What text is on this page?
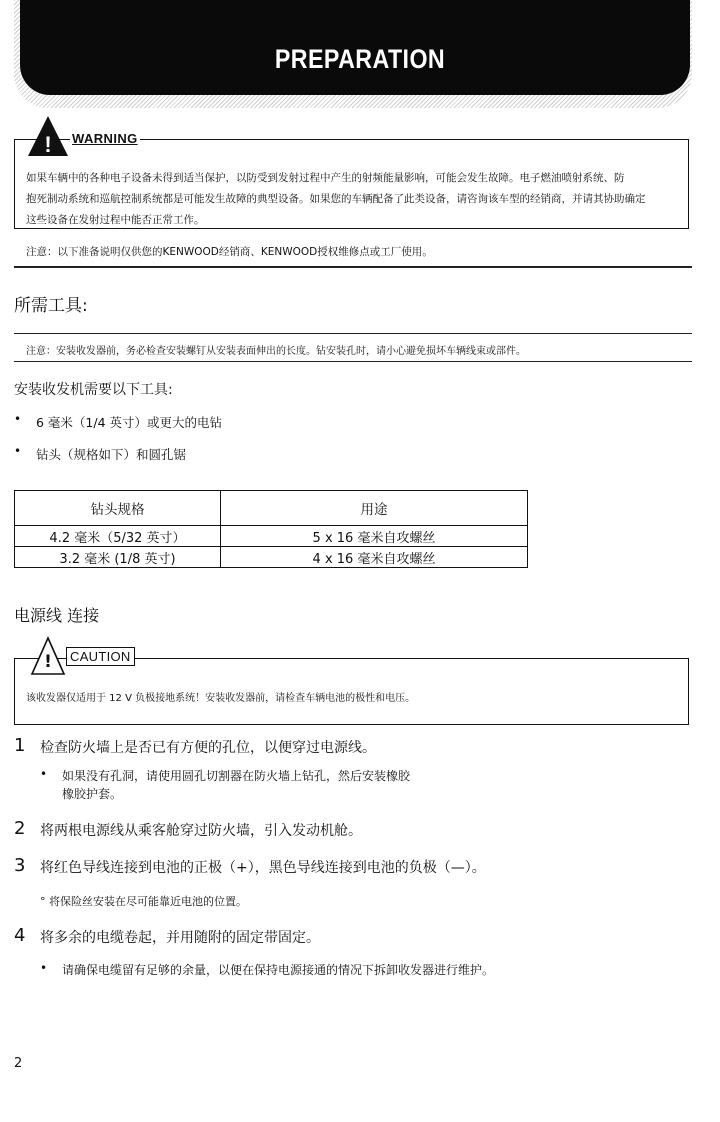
PREPARATION
!	WARNING
如果车辆中的各种电子设备未得到适当保护，以防受到发射过程中产生的射频能量影响，可能会发生故障。电子燃油喷射系统、防
抱死制动系统和巡航控制系统都是可能发生故障的典型设备。如果您的车辆配备了此类设备，请咨询该车型的经销商，并请其协助确定
这些设备在发射过程中能否正常工作。
注意：以下准备说明仅供您的KENWOOD经销商、KENWOOD授权维修点或工厂使用。
所需工具:
注意：安装收发器前，务必检查安装螺钉从安装表面伸出的长度。钻安装孔时，请小心避免损坏车辆线束或部件。
安装收发机需要以下工具:
• 6 毫米（1/4 英寸）或更大的电钻
• 钻头（规格如下）和圆孔锯
钻头规格	用途
4.2 毫米（5/32 英寸）	5 x 16 毫米自攻螺丝
3.2 毫米 (1/8 英寸)	4 x 16 毫米自攻螺丝
电源线 连接
!	CAUTION
该收发器仅适用于 12 V 负极接地系统！安装收发器前，请检查车辆电池的极性和电压。
1 检查防火墙上是否已有方便的孔位，以便穿过电源线。
• 如果没有孔洞，请使用圆孔切割器在防火墙上钻孔，然后安装橡胶
橡胶护套。
2 将两根电源线从乘客舱穿过防火墙，引入发动机舱。
3 将红色导线连接到电池的正极（+），黑色导线连接到电池的负极（—）。
° 将保险丝安装在尽可能靠近电池的位置。
4 将多余的电缆卷起，并用随附的固定带固定。
• 请确保电缆留有足够的余量，以便在保持电源接通的情况下拆卸收发器进行维护。
2
